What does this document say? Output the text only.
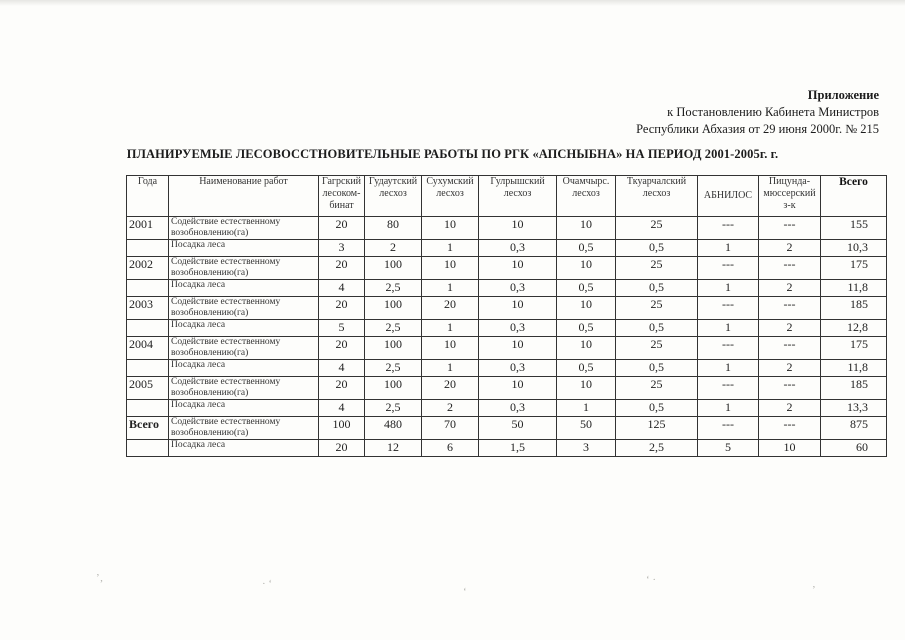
Приложение
к Постановлению Кабинета Министров
Республики Абхазия от 29 июня 2000г. № 215
ПЛАНИРУЕМЫЕ ЛЕСОВОССТНОВИТЕЛЬНЫЕ РАБОТЫ ПО РГК «АПСНЫБНА» НА ПЕРИОД 2001-2005г. г.
Года	Наименование работ	Гагрский лесоком-бинат	Гудаутский лесхоз	Сухумский лесхоз	Гулрышский лесхоз	Очамчырс. лесхоз	Ткуарчалский лесхоз	АБНИЛОС	Пицунда-мюссерский з-к	Всего
2001	Содействие естественному возобновлению(га)	20	80	10	10	10	25	---	---	155
	Посадка леса	3	2	1	0,3	0,5	0,5	1	2	10,3
2002	Содействие естественному возобновлению(га)	20	100	10	10	10	25	---	---	175
	Посадка леса	4	2,5	1	0,3	0,5	0,5	1	2	11,8
2003	Содействие естественному возобновлению(га)	20	100	20	10	10	25	---	---	185
	Посадка леса	5	2,5	1	0,3	0,5	0,5	1	2	12,8
2004	Содействие естественному возобновлению(га)	20	100	10	10	10	25	---	---	175
	Посадка леса	4	2,5	1	0,3	0,5	0,5	1	2	11,8
2005	Содействие естественному возобновлению(га)	20	100	20	10	10	25	---	---	185
	Посадка леса	4	2,5	2	0,3	1	0,5	1	2	13,3
Всего	Содействие естественному возобновлению(га)	100	480	70	50	50	125	---	---	875
	Посадка леса	20	12	6	1,5	3	2,5	5	10	60
’‚	· ‘
‘
‘ ·
’
